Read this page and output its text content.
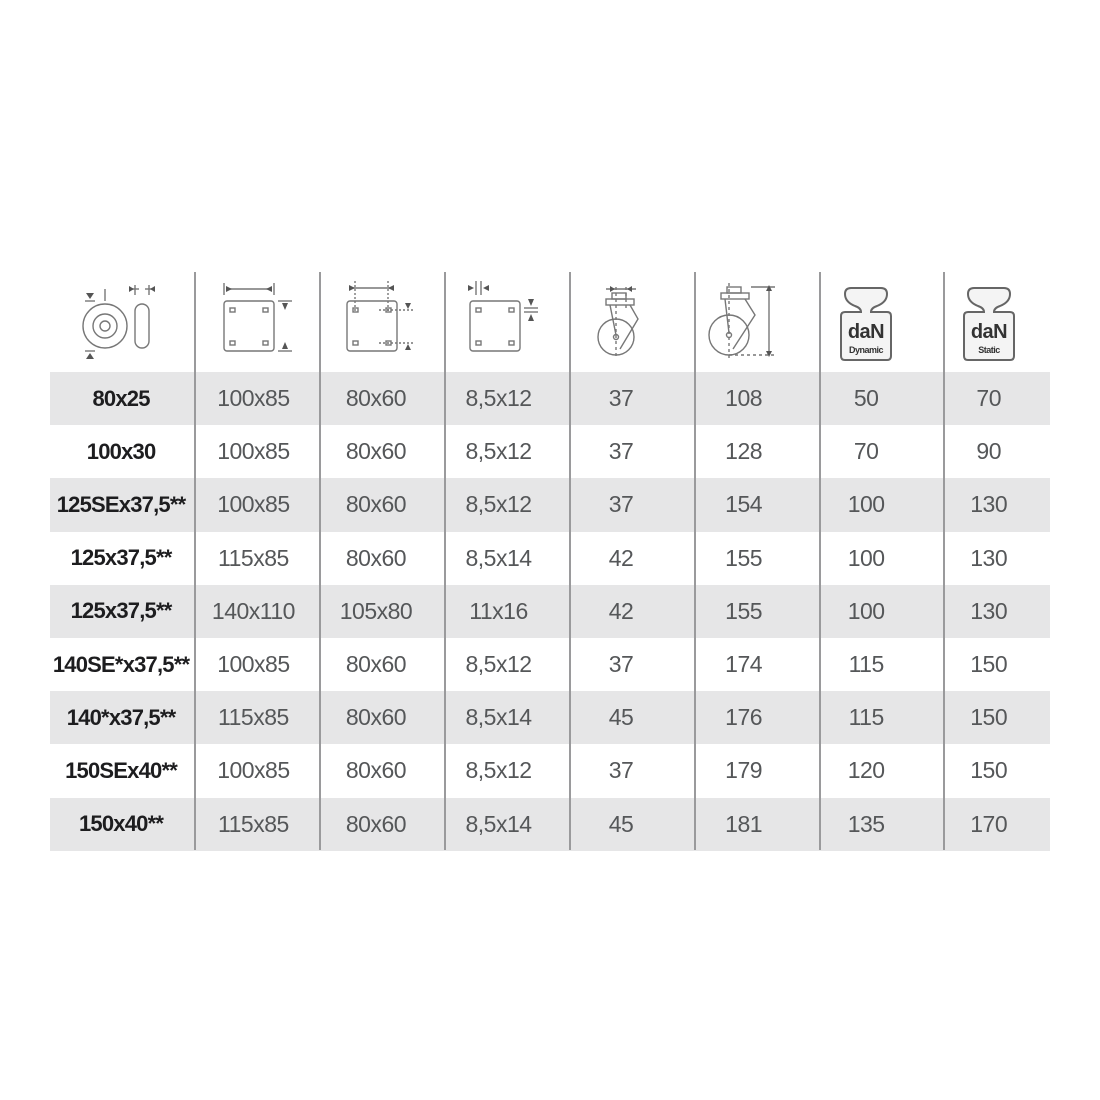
daN
Dynamic
daN
Static
80x25	100x85	80x60	8,5x12	37	108	50	70
100x30	100x85	80x60	8,5x12	37	128	70	90
125SEx37,5**	100x85	80x60	8,5x12	37	154	100	130
125x37,5**	115x85	80x60	8,5x14	42	155	100	130
125x37,5**	140x110	105x80	11x16	42	155	100	130
140SE*x37,5**	100x85	80x60	8,5x12	37	174	115	150
140*x37,5**	115x85	80x60	8,5x14	45	176	115	150
150SEx40**	100x85	80x60	8,5x12	37	179	120	150
150x40**	115x85	80x60	8,5x14	45	181	135	170
